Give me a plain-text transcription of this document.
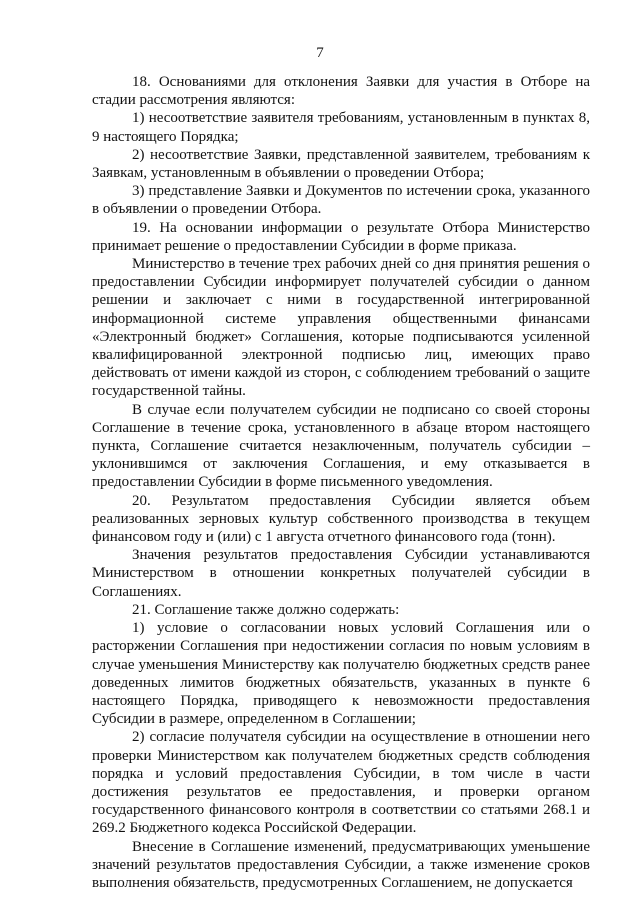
7

18. Основаниями для отклонения Заявки для участия в Отборе на стадии рассмотрения являются:

1) несоответствие заявителя требованиям, установленным в пунктах 8, 9 настоящего Порядка;

2) несоответствие Заявки, представленной заявителем, требованиям к Заявкам, установленным в объявлении о проведении Отбора;

3) представление Заявки и Документов по истечении срока, указанного в объявлении о проведении Отбора.

19. На основании информации о результате Отбора Министерство принимает решение о предоставлении Субсидии в форме приказа.

Министерство в течение трех рабочих дней со дня принятия решения о предоставлении Субсидии информирует получателей субсидии о данном решении и заключает с ними в государственной интегрированной информационной системе управления общественными финансами «Электронный бюджет» Соглашения, которые подписываются усиленной квалифицированной электронной подписью лиц, имеющих право действовать от имени каждой из сторон, с соблюдением требований о защите государственной тайны.

В случае если получателем субсидии не подписано со своей стороны Соглашение в течение срока, установленного в абзаце втором настоящего пункта, Соглашение считается незаключенным, получатель субсидии – уклонившимся от заключения Соглашения, и ему отказывается в предоставлении Субсидии в форме письменного уведомления.

20. Результатом предоставления Субсидии является объем реализованных зерновых культур собственного производства в текущем финансовом году и (или) с 1 августа отчетного финансового года (тонн).

Значения результатов предоставления Субсидии устанавливаются Министерством в отношении конкретных получателей субсидии в Соглашениях.

21. Соглашение также должно содержать:

1) условие о согласовании новых условий Соглашения или о расторжении Соглашения при недостижении согласия по новым условиям в случае уменьшения Министерству как получателю бюджетных средств ранее доведенных лимитов бюджетных обязательств, указанных в пункте 6 настоящего Порядка, приводящего к невозможности предоставления Субсидии в размере, определенном в Соглашении;

2) согласие получателя субсидии на осуществление в отношении него проверки Министерством как получателем бюджетных средств соблюдения порядка и условий предоставления Субсидии, в том числе в части достижения результатов ее предоставления, и проверки органом государственного финансового контроля в соответствии со статьями 268.1 и 269.2 Бюджетного кодекса Российской Федерации.

Внесение в Соглашение изменений, предусматривающих уменьшение значений результатов предоставления Субсидии, а также изменение сроков выполнения обязательств, предусмотренных Соглашением, не допускается
